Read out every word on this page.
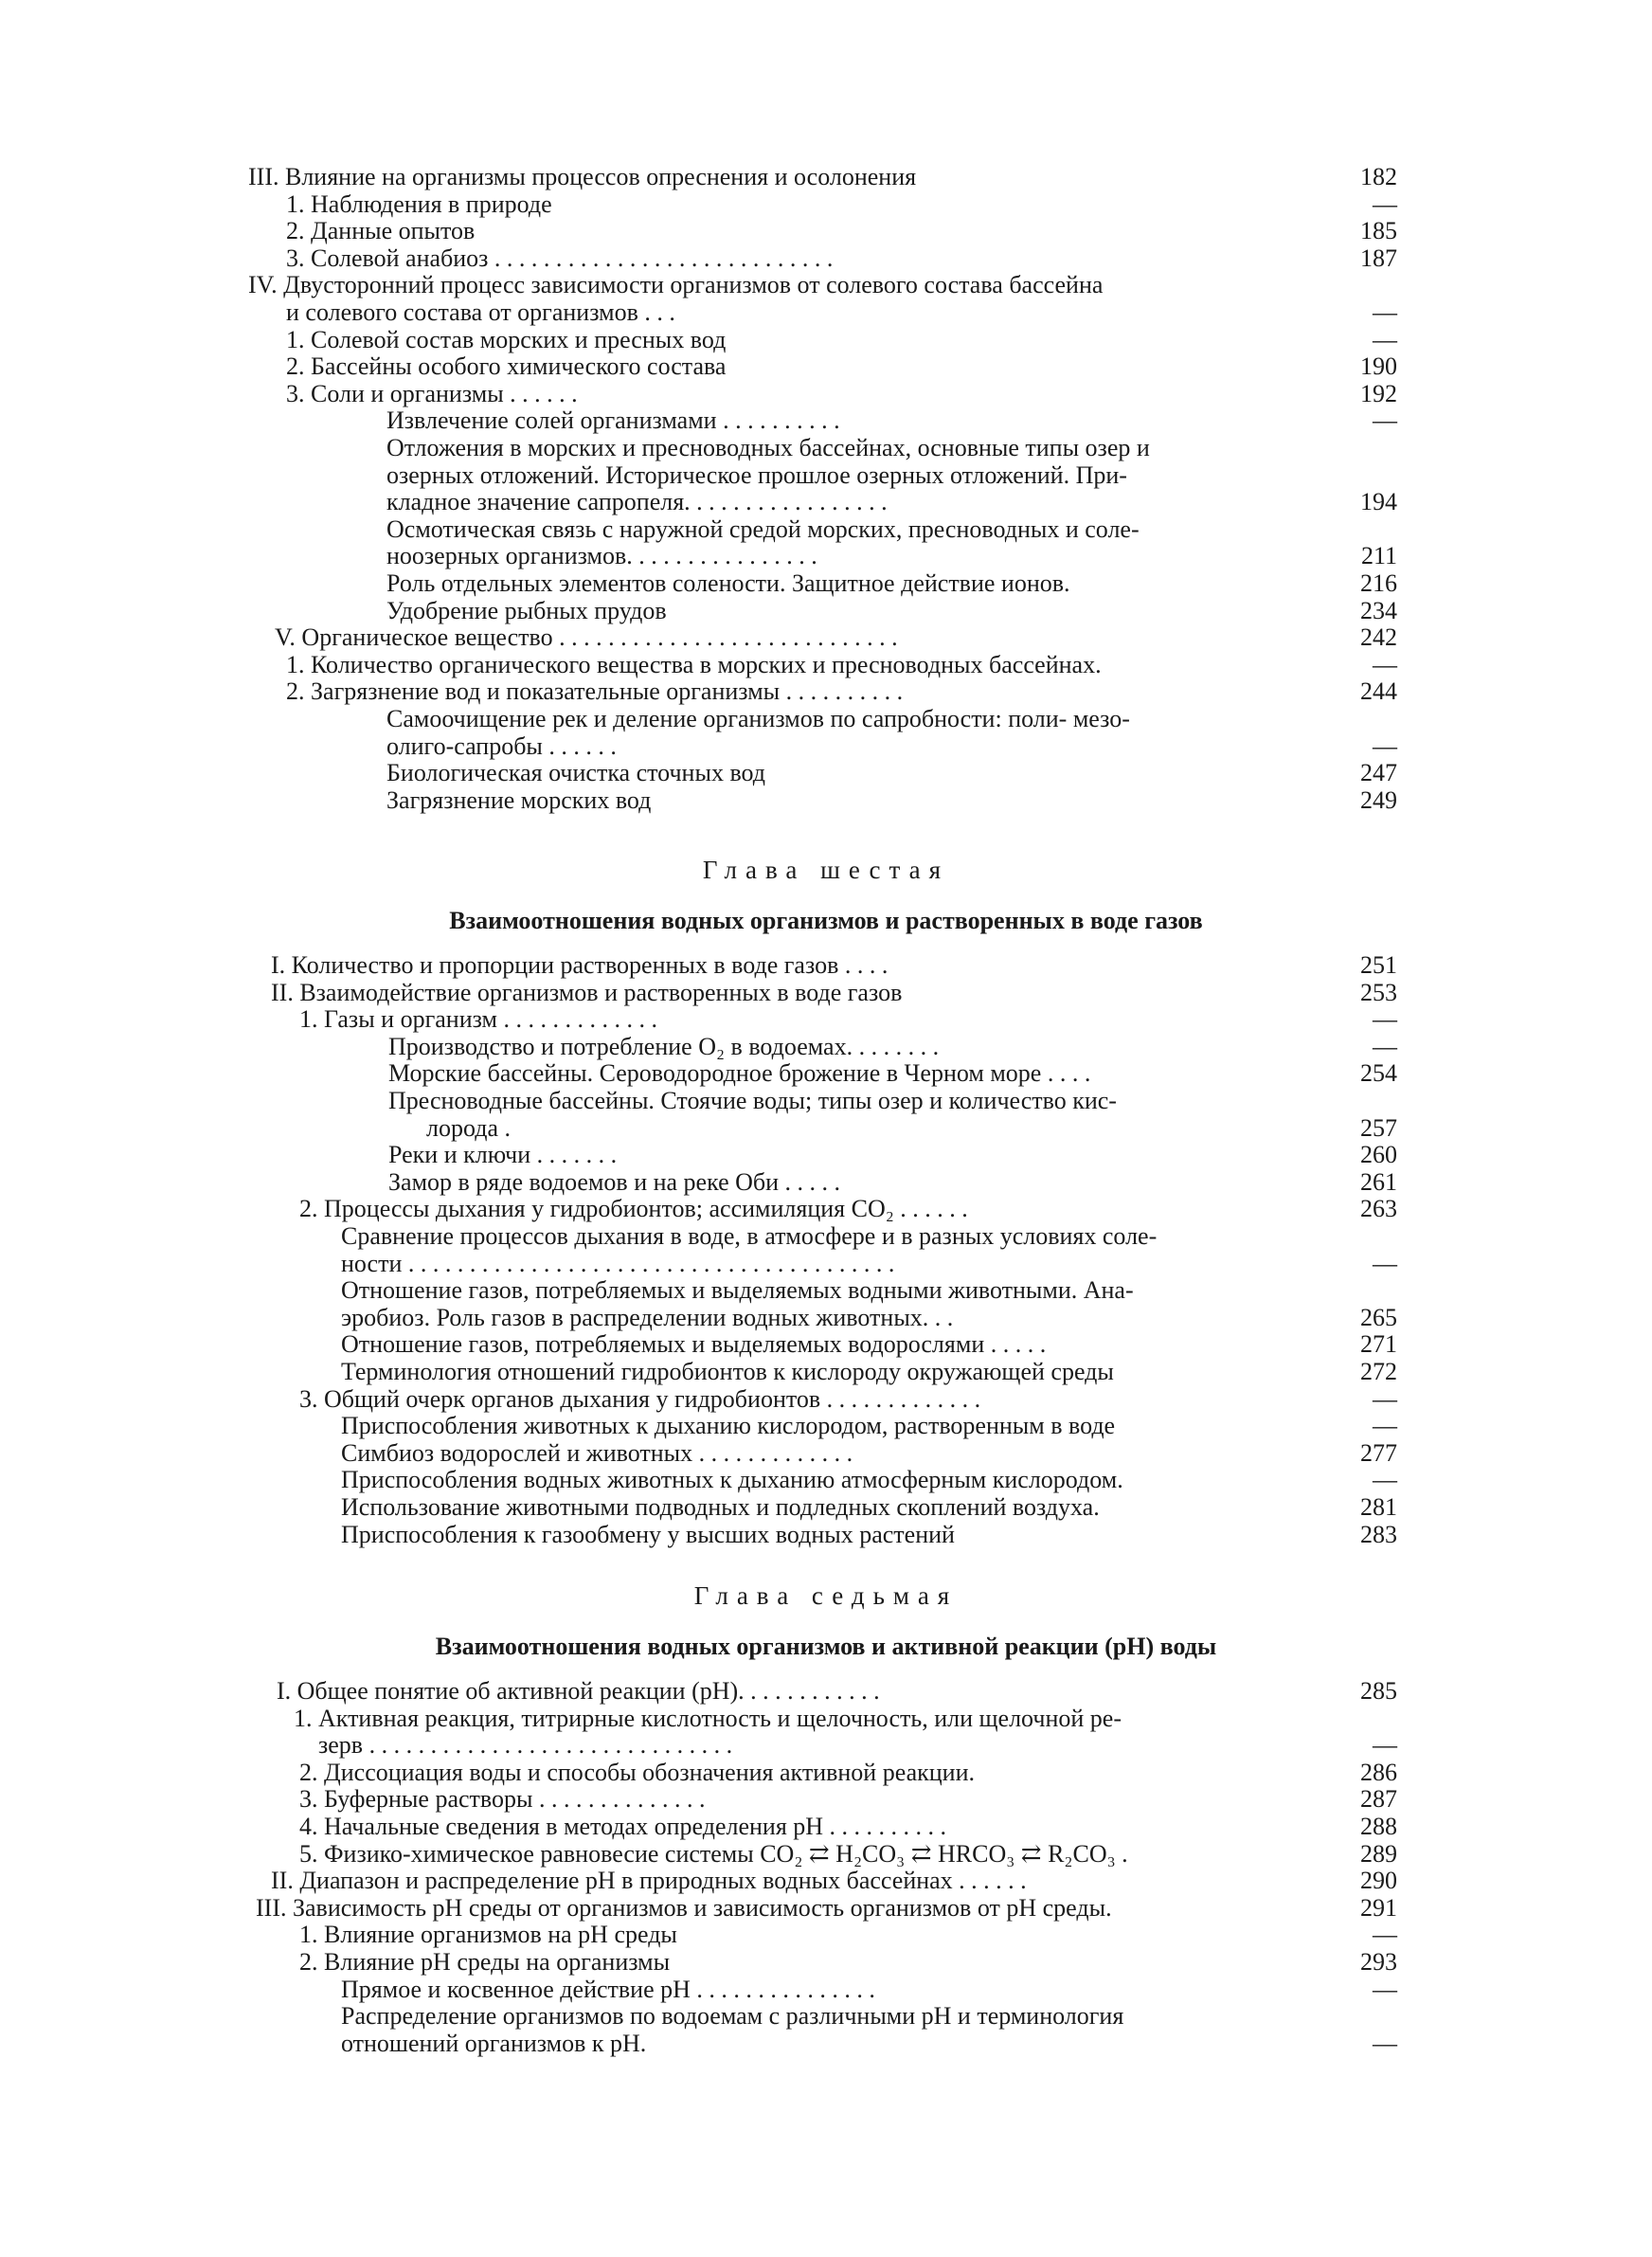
III. Влияние на организмы процессов опреснения и осолонения	182
1. Наблюдения в природе	—
2. Данные опытов	185
3. Солевой анабиоз . . . . . . . . . . . . . . . . . . . . . . . . . . . .	187
IV. Двусторонний процесс зависимости организмов от солевого состава бассейна
и солевого состава от организмов . . .	—
1. Солевой состав морских и пресных вод	—
2. Бассейны особого химического состава	190
3. Соли и организмы . . . . . .	192
Извлечение солей организмами . . . . . . . . . .	—
Отложения в морских и пресноводных бассейнах, основные типы озер и
озерных отложений. Историческое прошлое озерных отложений. При-
кладное значение сапропеля. . . . . . . . . . . . . . . . .	194
Осмотическая связь с наружной средой морских, пресноводных и соле-
ноозерных организмов. . . . . . . . . . . . . . . .	211
Роль отдельных элементов солености. Защитное действие ионов.	216
Удобрение рыбных прудов	234
V. Органическое вещество . . . . . . . . . . . . . . . . . . . . . . . . . . . .	242
1. Количество органического вещества в морских и пресноводных бассейнах.	—
2. Загрязнение вод и показательные организмы . . . . . . . . . .	244
Самоочищение рек и деление организмов по сапробности: поли- мезо-
олиго-сапробы . . . . . .	—
Биологическая очистка сточных вод	247
Загрязнение морских вод	249
Глава шестая
Взаимоотношения водных организмов и растворенных в воде газов
I. Количество и пропорции растворенных в воде газов . . . .	251
II. Взаимодействие организмов и растворенных в воде газов	253
1. Газы и организм . . . . . . . . . . . . .	—
Производство и потребление O₂ в водоемах. . . . . . . .	—
Морские бассейны. Сероводородное брожение в Черном море . . . .	254
Пресноводные бассейны. Стоячие воды; типы озер и количество кис-
лорода .	257
Реки и ключи . . . . . . .	260
Замор в ряде водоемов и на реке Оби . . . . .	261
2. Процессы дыхания у гидробионтов; ассимиляция CO₂ . . . . . .	263
Сравнение процессов дыхания в воде, в атмосфере и в разных условиях соле-
ности . . . . . . . . . . . . . . . . . . . . . . . . . . . . . . . . . . . . . . . .	—
Отношение газов, потребляемых и выделяемых водными животными. Ана-
эробиоз. Роль газов в распределении водных животных. . .	265
Отношение газов, потребляемых и выделяемых водорослями . . . . .	271
Терминология отношений гидробионтов к кислороду окружающей среды	272
3. Общий очерк органов дыхания у гидробионтов . . . . . . . . . . . . .	—
Приспособления животных к дыханию кислородом, растворенным в воде	—
Симбиоз водорослей и животных . . . . . . . . . . . . .	277
Приспособления водных животных к дыханию атмосферным кислородом.	—
Использование животными подводных и подледных скоплений воздуха.	281
Приспособления к газообмену у высших водных растений	283
Глава седьмая
Взаимоотношения водных организмов и активной реакции (pH) воды
I. Общее понятие об активной реакции (pH). . . . . . . . . . . .	285
1. Активная реакция, титрирные кислотность и щелочность, или щелочной ре-
зерв . . . . . . . . . . . . . . . . . . . . . . . . . . . . . .	—
2. Диссоциация воды и способы обозначения активной реакции.	286
3. Буферные растворы . . . . . . . . . . . . . .	287
4. Начальные сведения в методах определения pH . . . . . . . . . .	288
5. Физико-химическое равновесие системы CO₂ ⇄ H₂CO₃ ⇄ HRCO₃ ⇄ R₂CO₃ .	289
II. Диапазон и распределение pH в природных водных бассейнах . . . . . .	290
III. Зависимость pH среды от организмов и зависимость организмов от pH среды.	291
1. Влияние организмов на pH среды	—
2. Влияние pH среды на организмы	293
Прямое и косвенное действие pH . . . . . . . . . . . . . . .	—
Распределение организмов по водоемам с различными pH и терминология
отношений организмов к pH.	—
